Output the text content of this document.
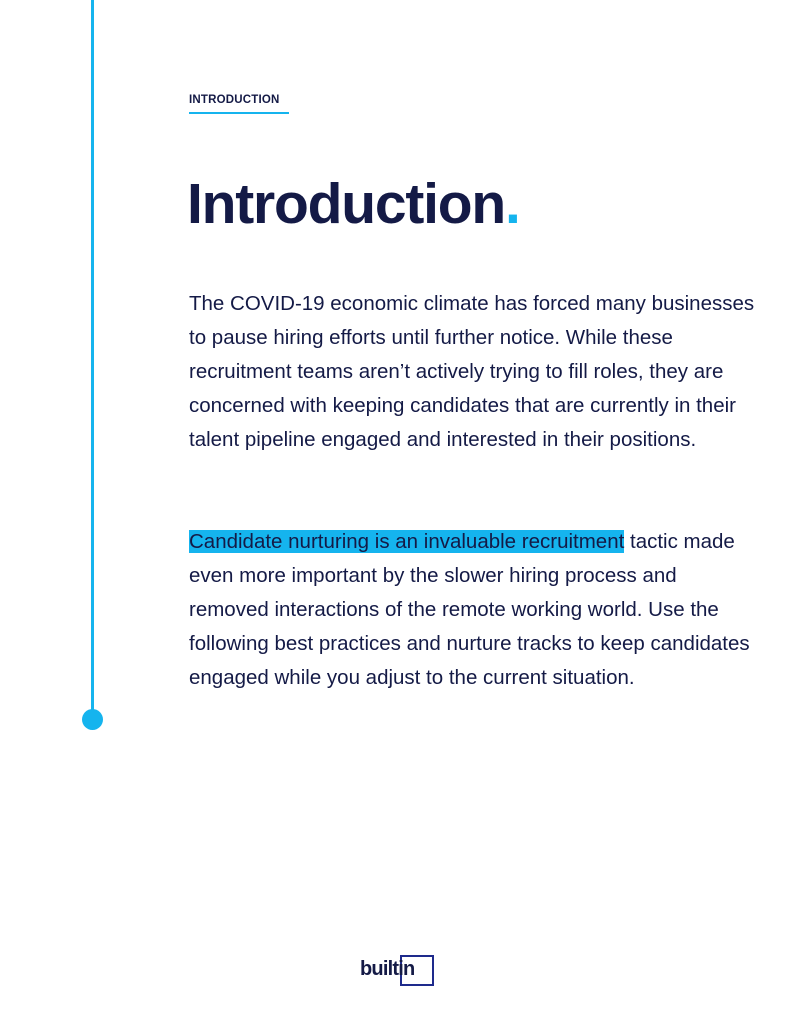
INTRODUCTION
Introduction.

The COVID-19 economic climate has forced many businesses to pause hiring efforts until further notice. While these recruitment teams aren’t actively trying to fill roles, they are concerned with keeping candidates that are currently in their talent pipeline engaged and interested in their positions.

Candidate nurturing is an invaluable recruitment tactic made even more important by the slower hiring process and removed interactions of the remote working world. Use the following best practices and nurture tracks to keep candidates engaged while you adjust to the current situation.

builtin
